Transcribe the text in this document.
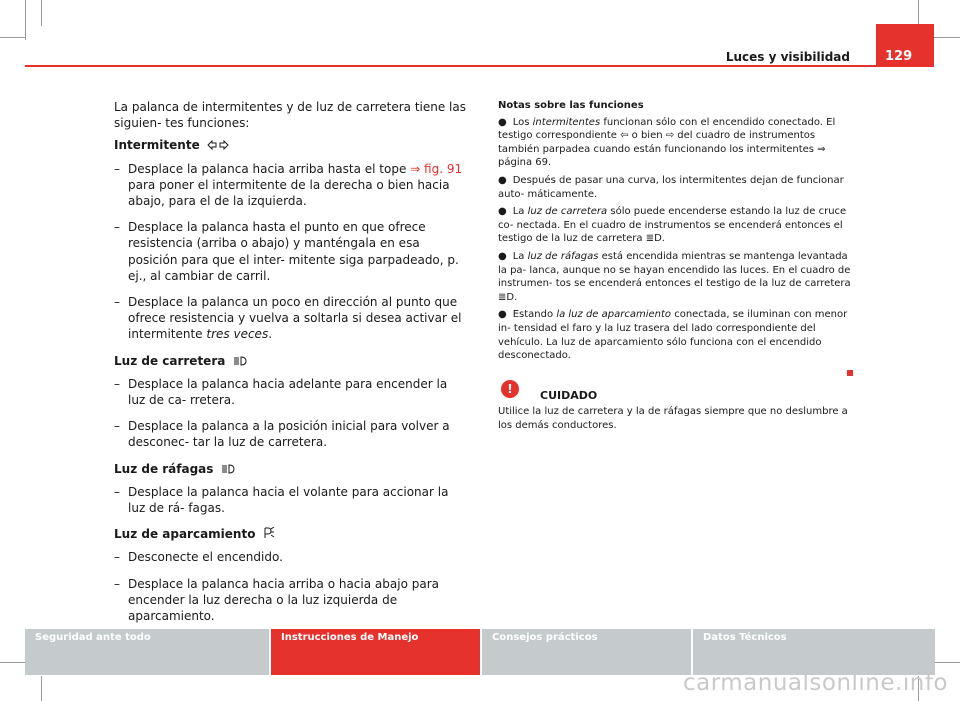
Luces y visibilidad	129

La palanca de intermitentes y de luz de carretera tiene las siguien- tes funciones:

Intermitente

– Desplace la palanca hacia arriba hasta el tope ⇒ fig. 91 para poner el intermitente de la derecha o bien hacia abajo, para el de la izquierda.
– Desplace la palanca hasta el punto en que ofrece resistencia (arriba o abajo) y manténgala en esa posición para que el inter- mitente siga parpadeado, p. ej., al cambiar de carril.
– Desplace la palanca un poco en dirección al punto que ofrece resistencia y vuelva a soltarla si desea activar el intermitente tres veces.

Luz de carretera

– Desplace la palanca hacia adelante para encender la luz de ca- rretera.
– Desplace la palanca a la posición inicial para volver a desconec- tar la luz de carretera.

Luz de ráfagas

– Desplace la palanca hacia el volante para accionar la luz de rá- fagas.

Luz de aparcamiento

– Desconecte el encendido.
– Desplace la palanca hacia arriba o hacia abajo para encender la luz derecha o la luz izquierda de aparcamiento.
Notas sobre las funciones
● Los intermitentes funcionan sólo con el encendido conectado. El testigo correspondiente ⇦ o bien ⇨ del cuadro de instrumentos también parpadea cuando están funcionando los intermitentes ⇒ página 69.
● Después de pasar una curva, los intermitentes dejan de funcionar auto- máticamente.
● La luz de carretera sólo puede encenderse estando la luz de cruce co- nectada. En el cuadro de instrumentos se encenderá entonces el testigo de la luz de carretera ≣D.
● La luz de ráfagas está encendida mientras se mantenga levantada la pa- lanca, aunque no se hayan encendido las luces. En el cuadro de instrumen- tos se encenderá entonces el testigo de la luz de carretera ≣D.
● Estando la luz de aparcamiento conectada, se iluminan con menor in- tensidad el faro y la luz trasera del lado correspondiente del vehículo. La luz de aparcamiento sólo funciona con el encendido desconectado.
!	CUIDADO
Utilice la luz de carretera y la de ráfagas siempre que no deslumbre a los demás conductores.
Seguridad ante todo	Instrucciones de Manejo	Consejos prácticos	Datos Técnicos
carmanualsonline.info
